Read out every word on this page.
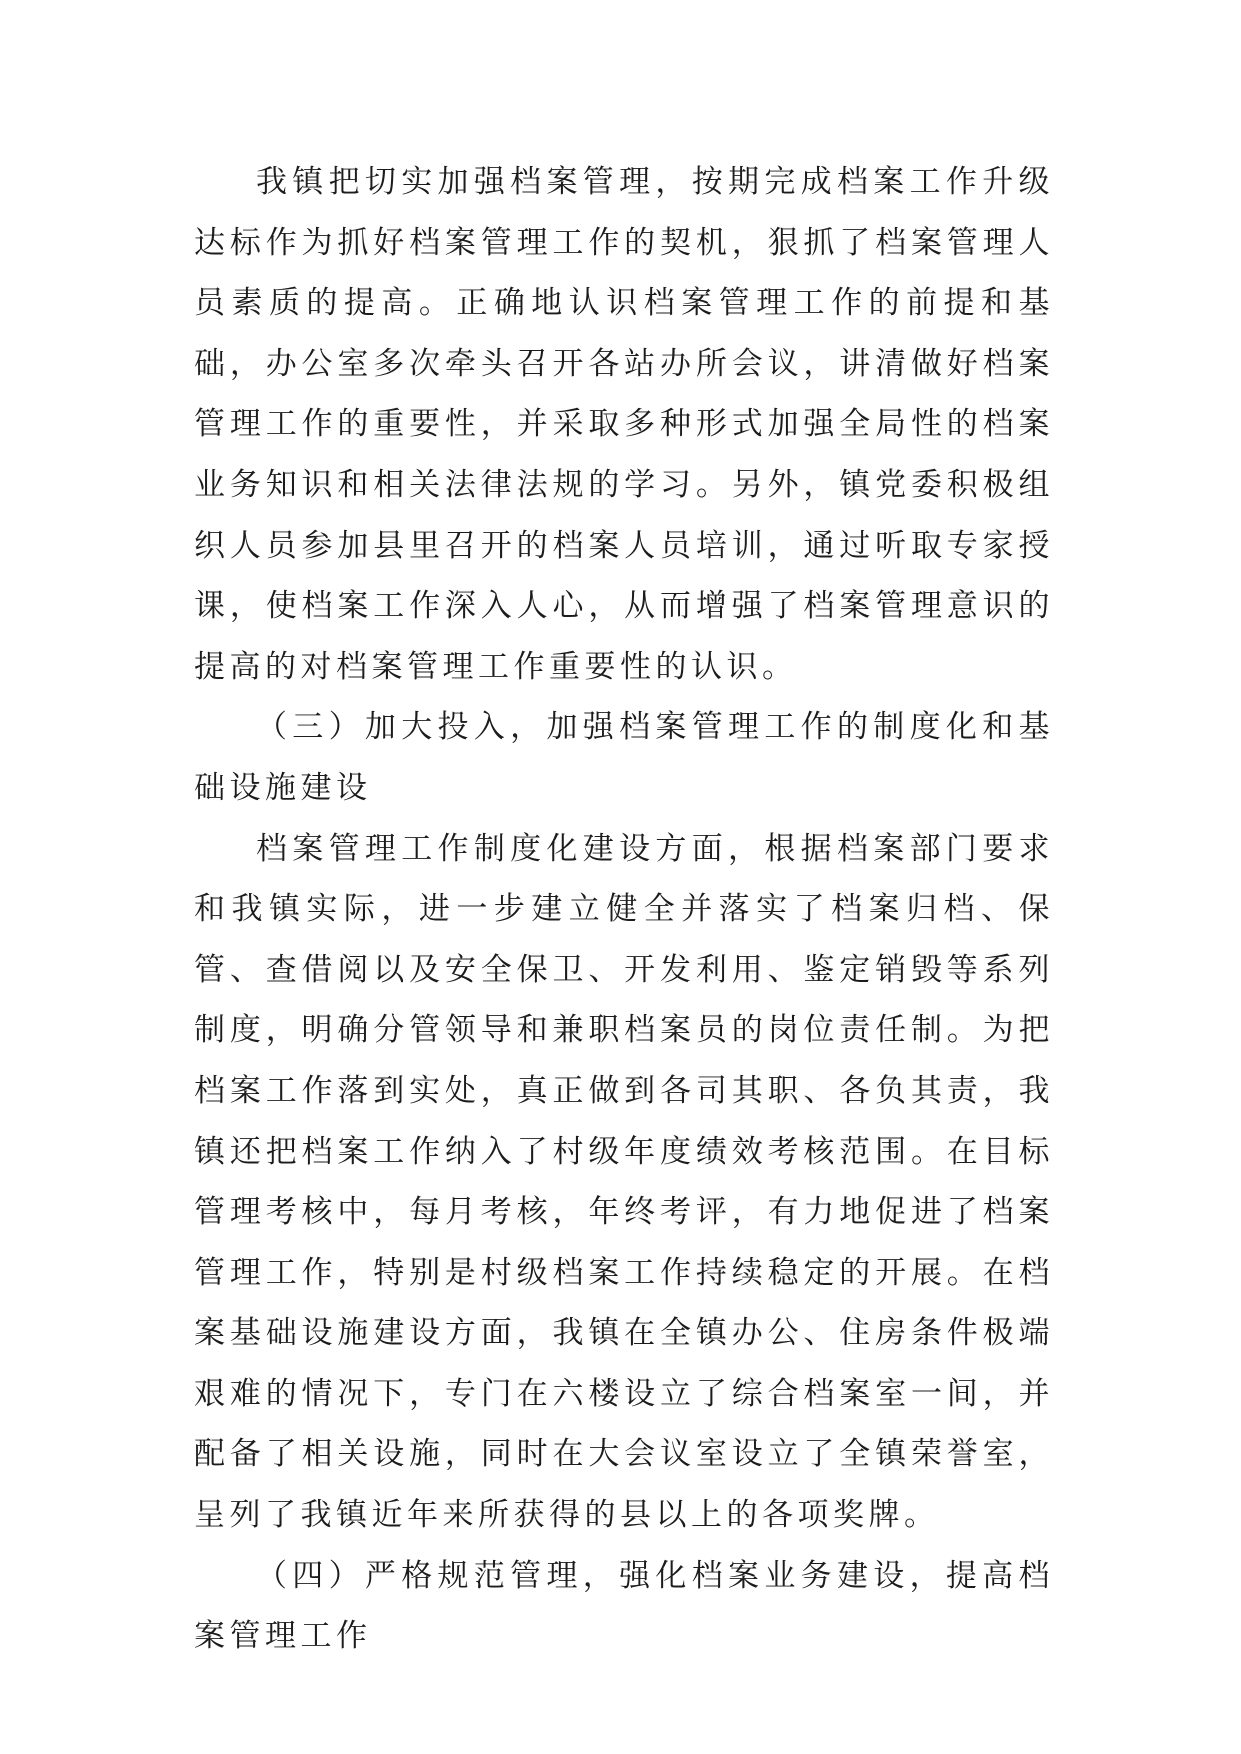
我镇把切实加强档案管理，按期完成档案工作升级达标作为抓好档案管理工作的契机，狠抓了档案管理人员素质的提高。正确地认识档案管理工作的前提和基础，办公室多次牵头召开各站办所会议，讲清做好档案管理工作的重要性，并采取多种形式加强全局性的档案业务知识和相关法律法规的学习。另外，镇党委积极组织人员参加县里召开的档案人员培训，通过听取专家授课，使档案工作深入人心，从而增强了档案管理意识的提高的对档案管理工作重要性的认识。

（三）加大投入，加强档案管理工作的制度化和基础设施建设

档案管理工作制度化建设方面，根据档案部门要求和我镇实际，进一步建立健全并落实了档案归档、保管、查借阅以及安全保卫、开发利用、鉴定销毁等系列制度，明确分管领导和兼职档案员的岗位责任制。为把档案工作落到实处，真正做到各司其职、各负其责，我镇还把档案工作纳入了村级年度绩效考核范围。在目标管理考核中，每月考核，年终考评，有力地促进了档案管理工作，特别是村级档案工作持续稳定的开展。在档案基础设施建设方面，我镇在全镇办公、住房条件极端艰难的情况下，专门在六楼设立了综合档案室一间，并配备了相关设施，同时在大会议室设立了全镇荣誉室，呈列了我镇近年来所获得的县以上的各项奖牌。

（四）严格规范管理，强化档案业务建设，提高档案管理工作
